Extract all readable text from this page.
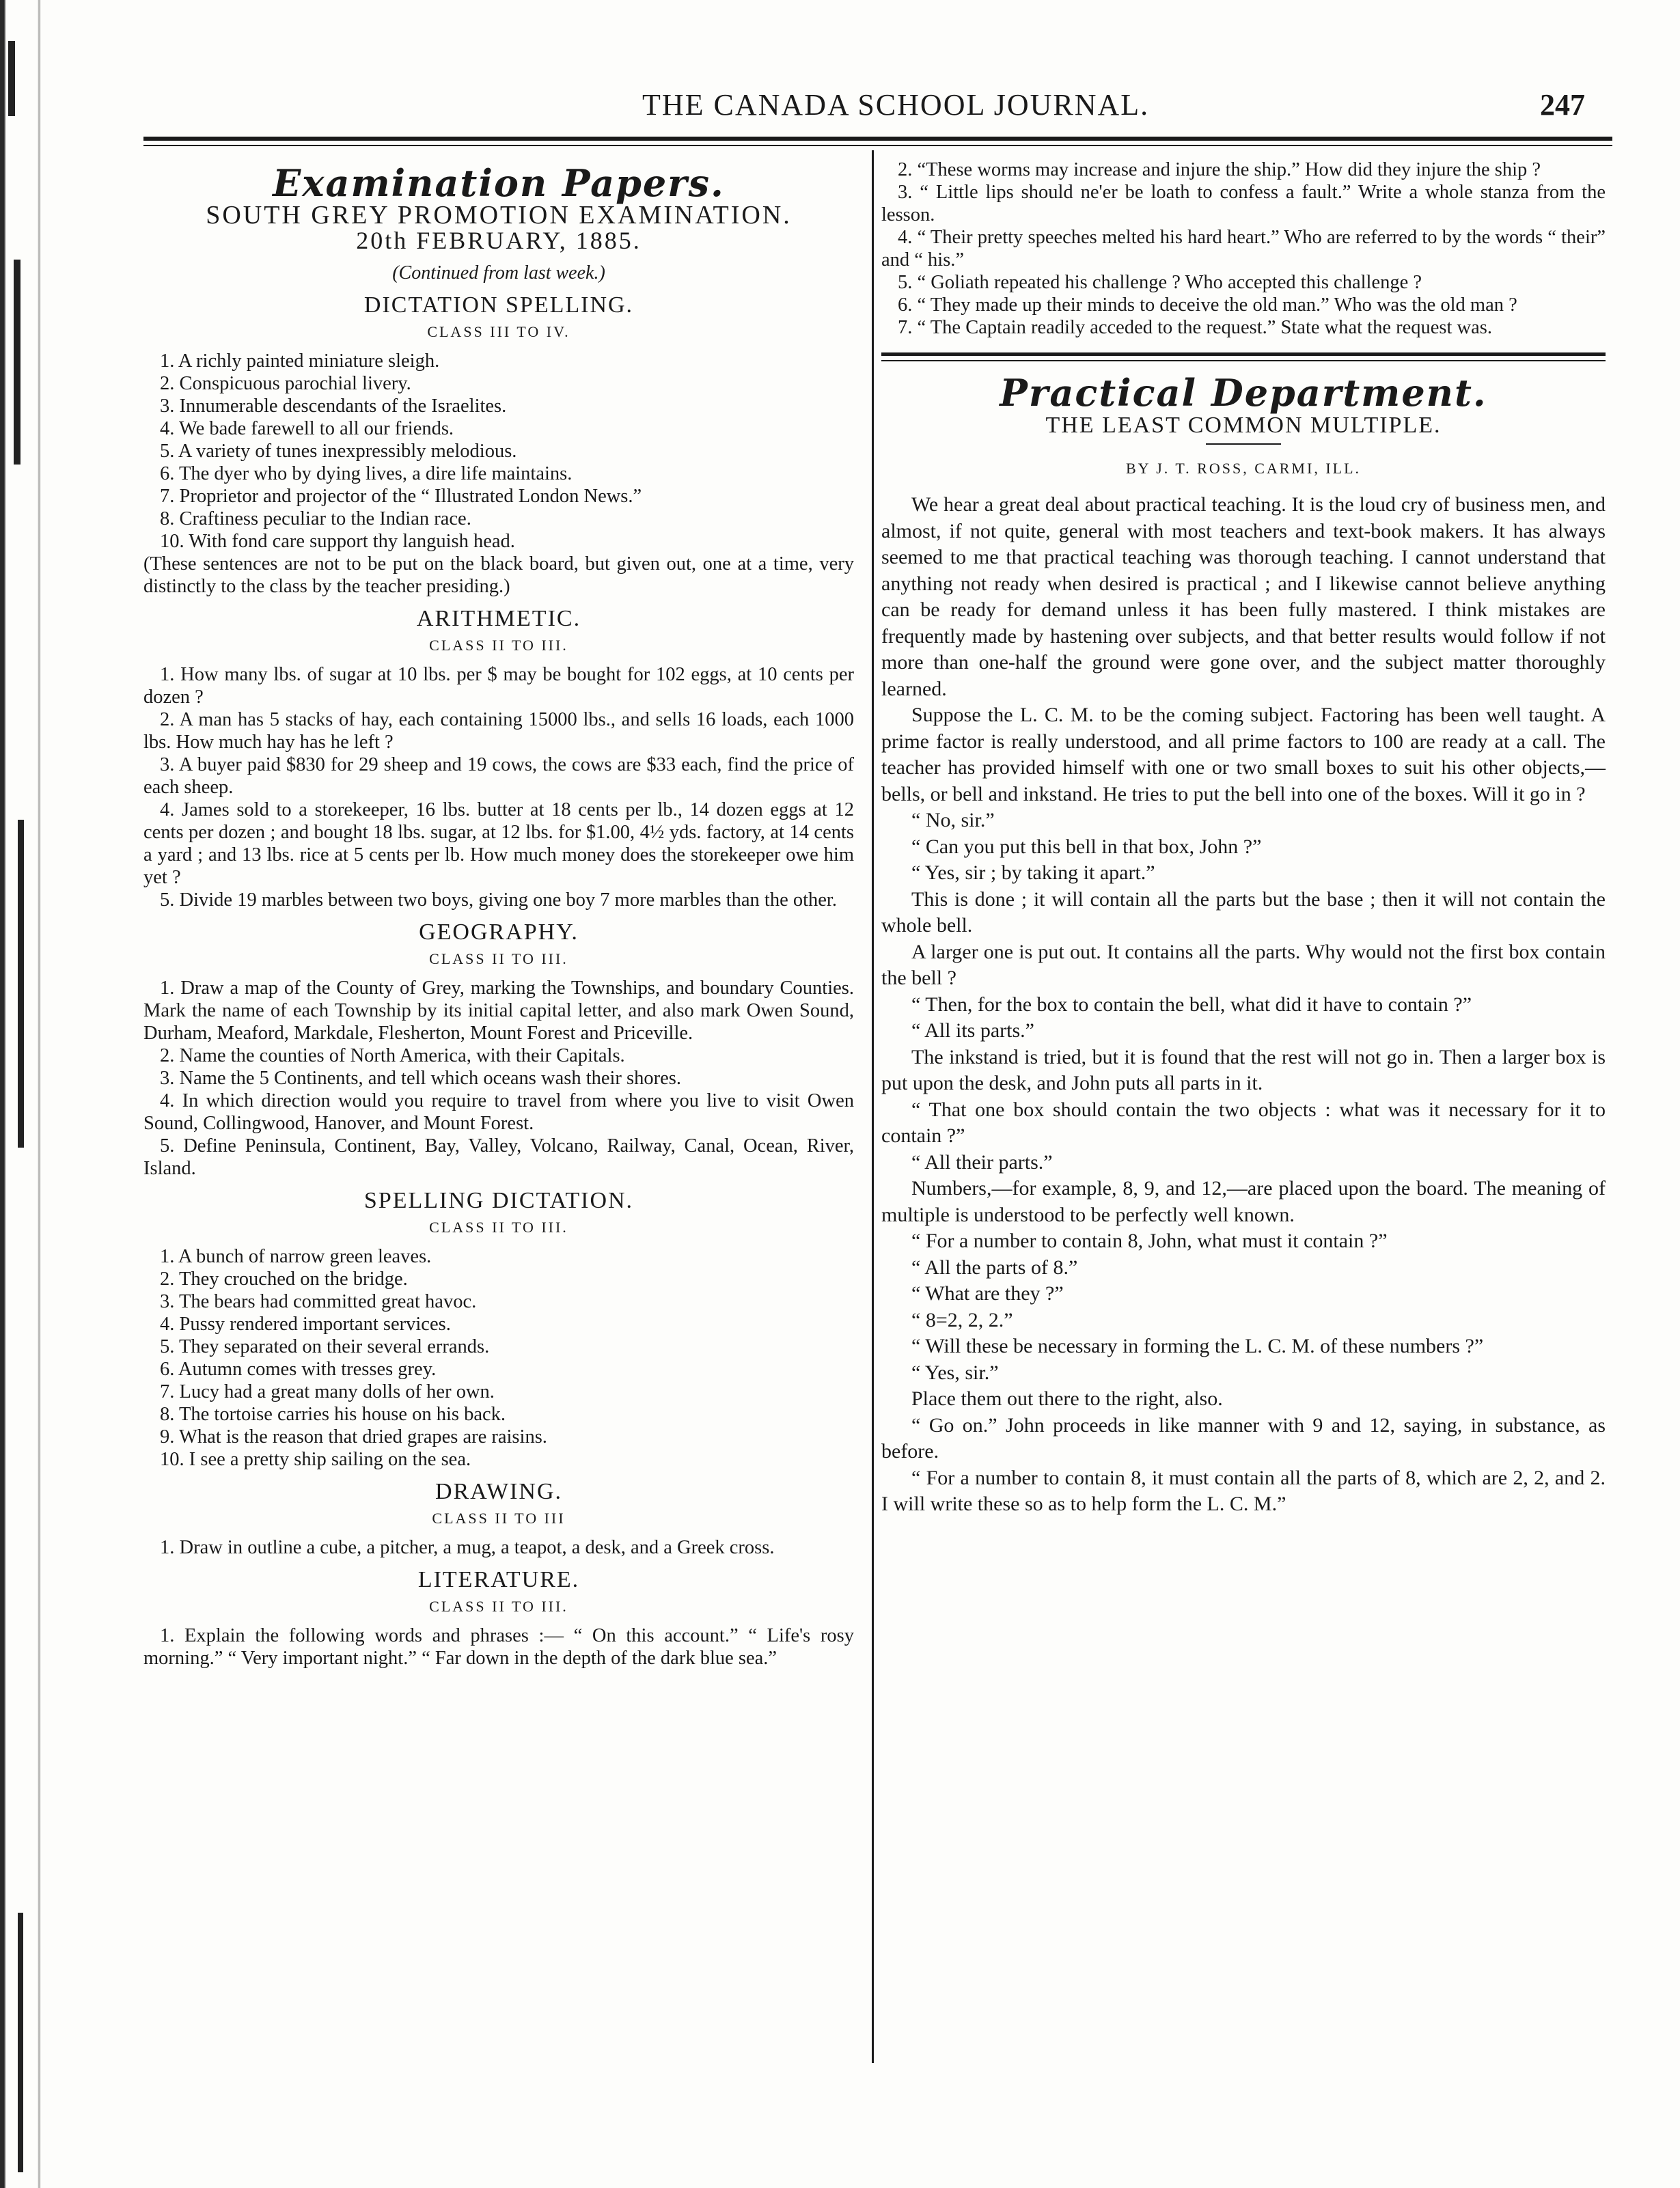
THE CANADA SCHOOL JOURNAL.	247
Examination Papers.
SOUTH GREY PROMOTION EXAMINATION.
20th FEBRUARY, 1885.
(Continued from last week.)
DICTATION SPELLING.
CLASS III TO IV.

1. A richly painted miniature sleigh.

2. Conspicuous parochial livery.

3. Innumerable descendants of the Israelites.

4. We bade farewell to all our friends.

5. A variety of tunes inexpressibly melodious.

6. The dyer who by dying lives, a dire life maintains.

7. Proprietor and projector of the “ Illustrated London News.”

8. Craftiness peculiar to the Indian race.

10. With fond care support thy languish head.

(These sentences are not to be put on the black board, but given out, one at a time, very distinctly to the class by the teacher presiding.)

ARITHMETIC.
CLASS II TO III.

1. How many lbs. of sugar at 10 lbs. per $ may be bought for 102 eggs, at 10 cents per dozen ?

2. A man has 5 stacks of hay, each containing 15000 lbs., and sells 16 loads, each 1000 lbs. How much hay has he left ?

3. A buyer paid $830 for 29 sheep and 19 cows, the cows are $33 each, find the price of each sheep.

4. James sold to a storekeeper, 16 lbs. butter at 18 cents per lb., 14 dozen eggs at 12 cents per dozen ; and bought 18 lbs. sugar, at 12 lbs. for $1.00, 4½ yds. factory, at 14 cents a yard ; and 13 lbs. rice at 5 cents per lb. How much money does the storekeeper owe him yet ?

5. Divide 19 marbles between two boys, giving one boy 7 more marbles than the other.

GEOGRAPHY.
CLASS II TO III.

1. Draw a map of the County of Grey, marking the Townships, and boundary Counties. Mark the name of each Township by its initial capital letter, and also mark Owen Sound, Durham, Meaford, Markdale, Flesherton, Mount Forest and Priceville.

2. Name the counties of North America, with their Capitals.

3. Name the 5 Continents, and tell which oceans wash their shores.

4. In which direction would you require to travel from where you live to visit Owen Sound, Collingwood, Hanover, and Mount Forest.

5. Define Peninsula, Continent, Bay, Valley, Volcano, Railway, Canal, Ocean, River, Island.

SPELLING DICTATION.
CLASS II TO III.

1. A bunch of narrow green leaves.

2. They crouched on the bridge.

3. The bears had committed great havoc.

4. Pussy rendered important services.

5. They separated on their several errands.

6. Autumn comes with tresses grey.

7. Lucy had a great many dolls of her own.

8. The tortoise carries his house on his back.

9. What is the reason that dried grapes are raisins.

10. I see a pretty ship sailing on the sea.

DRAWING.
CLASS II TO III

1. Draw in outline a cube, a pitcher, a mug, a teapot, a desk, and a Greek cross.

LITERATURE.
CLASS II TO III.

1. Explain the following words and phrases :— “ On this account.” “ Life's rosy morning.” “ Very important night.” “ Far down in the depth of the dark blue sea.”

2. “These worms may increase and injure the ship.” How did they injure the ship ?

3. “ Little lips should ne'er be loath to confess a fault.” Write a whole stanza from the lesson.

4. “ Their pretty speeches melted his hard heart.” Who are referred to by the words “ their” and “ his.”

5. “ Goliath repeated his challenge ? Who accepted this challenge ?

6. “ They made up their minds to deceive the old man.” Who was the old man ?

7. “ The Captain readily acceded to the request.” State what the request was.

Practical Department.
THE LEAST COMMON MULTIPLE.
BY J. T. ROSS, CARMI, ILL.

We hear a great deal about practical teaching. It is the loud cry of business men, and almost, if not quite, general with most teachers and text-book makers. It has always seemed to me that practical teaching was thorough teaching. I cannot understand that anything not ready when desired is practical ; and I likewise cannot believe anything can be ready for demand unless it has been fully mastered. I think mistakes are frequently made by hastening over subjects, and that better results would follow if not more than one-half the ground were gone over, and the subject matter thoroughly learned.

Suppose the L. C. M. to be the coming subject. Factoring has been well taught. A prime factor is really understood, and all prime factors to 100 are ready at a call. The teacher has provided himself with one or two small boxes to suit his other objects,—bells, or bell and inkstand. He tries to put the bell into one of the boxes. Will it go in ?

“ No, sir.”

“ Can you put this bell in that box, John ?”

“ Yes, sir ; by taking it apart.”

This is done ; it will contain all the parts but the base ; then it will not contain the whole bell.

A larger one is put out. It contains all the parts. Why would not the first box contain the bell ?

“ Then, for the box to contain the bell, what did it have to contain ?”

“ All its parts.”

The inkstand is tried, but it is found that the rest will not go in. Then a larger box is put upon the desk, and John puts all parts in it.

“ That one box should contain the two objects : what was it necessary for it to contain ?”

“ All their parts.”

Numbers,—for example, 8, 9, and 12,—are placed upon the board. The meaning of multiple is understood to be perfectly well known.

“ For a number to contain 8, John, what must it contain ?”

“ All the parts of 8.”

“ What are they ?”

“ 8=2, 2, 2.”

“ Will these be necessary in forming the L. C. M. of these numbers ?”

“ Yes, sir.”

Place them out there to the right, also.

“ Go on.” John proceeds in like manner with 9 and 12, saying, in substance, as before.

“ For a number to contain 8, it must contain all the parts of 8, which are 2, 2, and 2. I will write these so as to help form the L. C. M.”
